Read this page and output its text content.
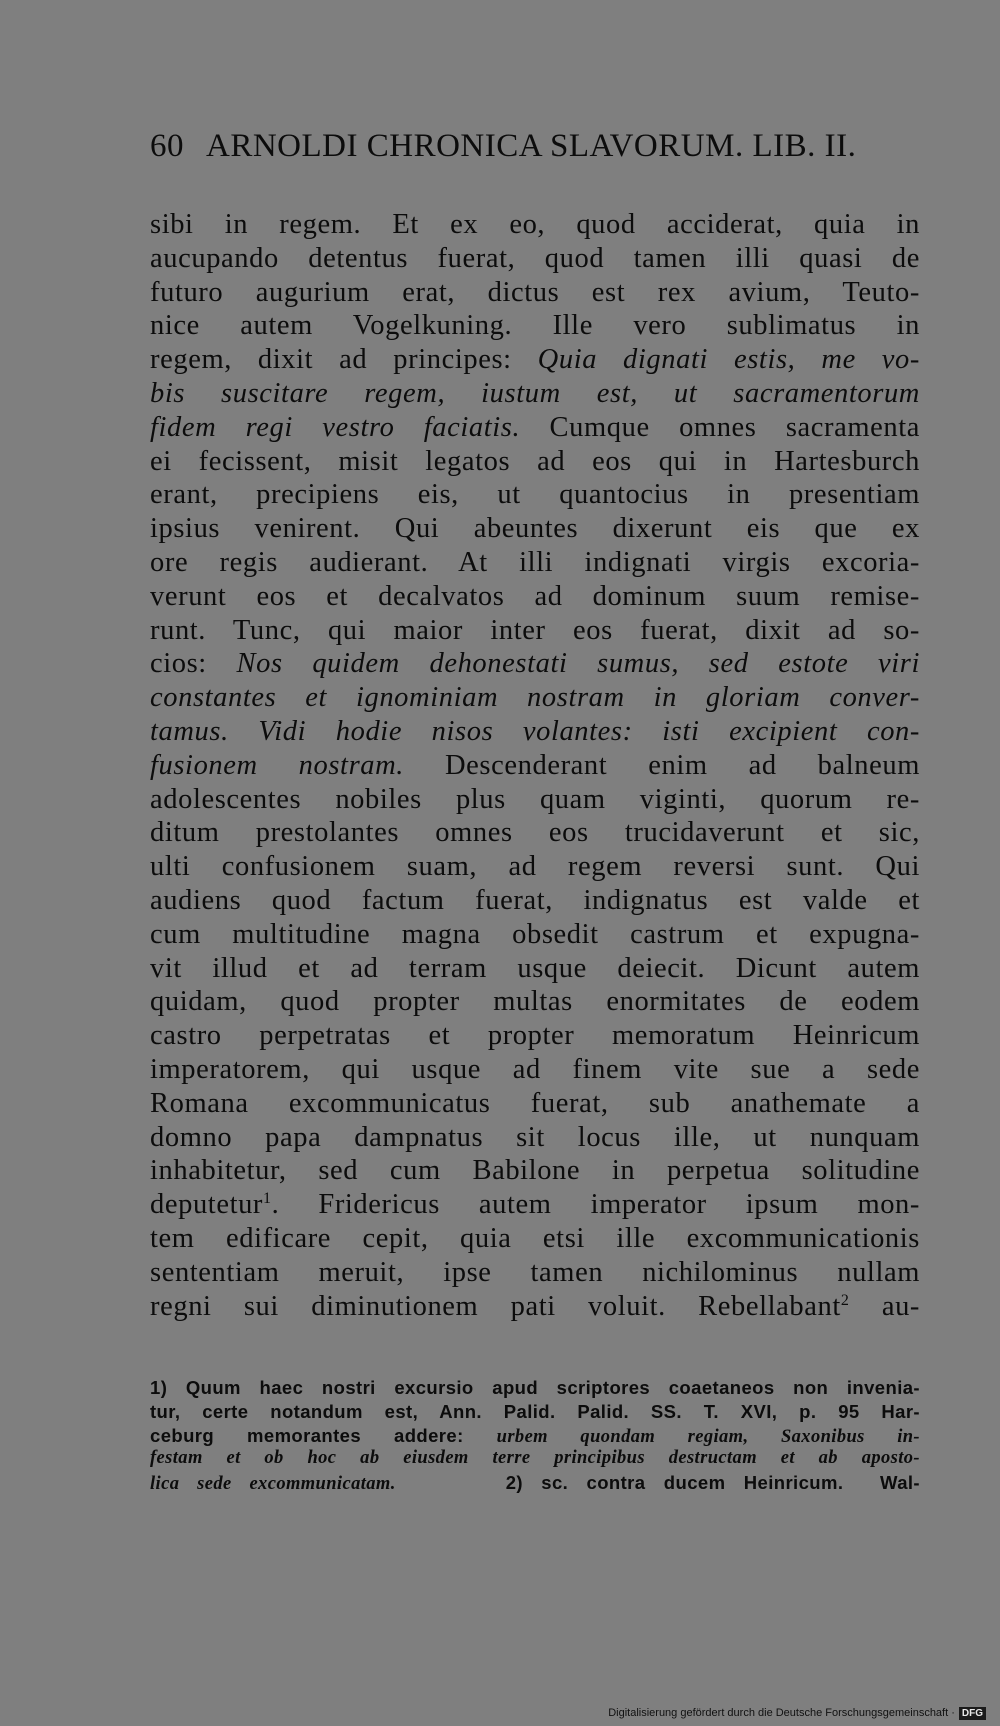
60 ARNOLDI CHRONICA SLAVORUM. LIB. II.
sibi in regem. Et ex eo, quod acciderat, quia in
aucupando detentus fuerat, quod tamen illi quasi de
futuro augurium erat, dictus est rex avium, Teuto-
nice autem Vogelkuning. Ille vero sublimatus in
regem, dixit ad principes: Quia dignati estis, me vo-
bis suscitare regem, iustum est, ut sacramentorum
fidem regi vestro faciatis. Cumque omnes sacramenta
ei fecissent, misit legatos ad eos qui in Hartesburch
erant, precipiens eis, ut quantocius in presentiam
ipsius venirent. Qui abeuntes dixerunt eis que ex
ore regis audierant. At illi indignati virgis excoria-
verunt eos et decalvatos ad dominum suum remise-
runt. Tunc, qui maior inter eos fuerat, dixit ad so-
cios: Nos quidem dehonestati sumus, sed estote viri
constantes et ignominiam nostram in gloriam conver-
tamus. Vidi hodie nisos volantes: isti excipient con-
fusionem nostram. Descenderant enim ad balneum
adolescentes nobiles plus quam viginti, quorum re-
ditum prestolantes omnes eos trucidaverunt et sic,
ulti confusionem suam, ad regem reversi sunt. Qui
audiens quod factum fuerat, indignatus est valde et
cum multitudine magna obsedit castrum et expugna-
vit illud et ad terram usque deiecit. Dicunt autem
quidam, quod propter multas enormitates de eodem
castro perpetratas et propter memoratum Heinricum
imperatorem, qui usque ad finem vite sue a sede
Romana excommunicatus fuerat, sub anathemate a
domno papa dampnatus sit locus ille, ut nunquam
inhabitetur, sed cum Babilone in perpetua solitudine
deputetur$^1$. Fridericus autem imperator ipsum mon-
tem edificare cepit, quia etsi ille excommunicationis
sententiam meruit, ipse tamen nichilominus nullam
regni sui diminutionem pati voluit. Rebellabant$^2$ au-
1) Quum haec nostri excursio apud scriptores coaetaneos non invenia-
tur, certe notandum est, Ann. Palid. Palid. SS. T. XVI, p. 95 Har-
ceburg memorantes addere: urbem quondam regiam, Saxonibus in-
festam et ob hoc ab eiusdem terre principibus destructam et ab aposto-
lica sede excommunicatam.      2) sc. contra ducem Heinricum.  Wal-
Digitalisierung gefördert durch die Deutsche Forschungsgemeinschaft · DFG
